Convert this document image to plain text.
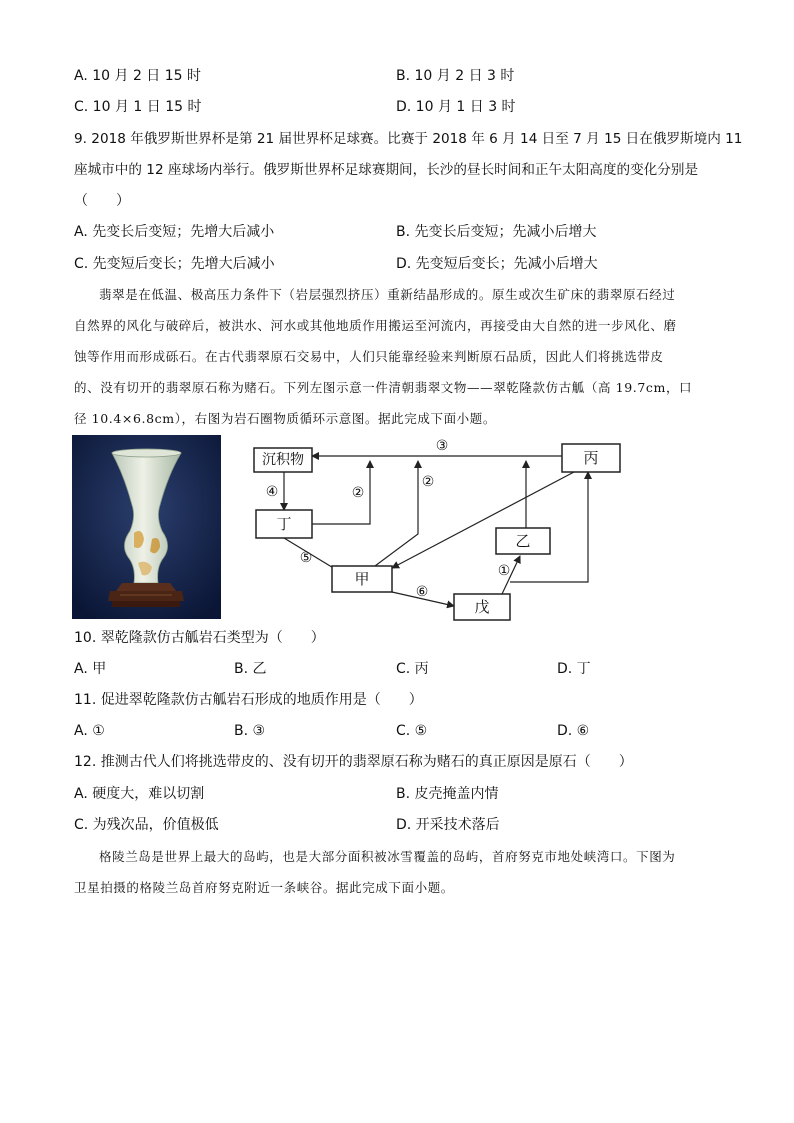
A. 10 月 2 日 15 时	B. 10 月 2 日 3 时
C. 10 月 1 日 15 时	D. 10 月 1 日 3 时
9. 2018 年俄罗斯世界杯是第 21 届世界杯足球赛。比赛于 2018 年 6 月 14 日至 7 月 15 日在俄罗斯境内 11
座城市中的 12 座球场内举行。俄罗斯世界杯足球赛期间，长沙的昼长时间和正午太阳高度的变化分别是
（　　）
A. 先变长后变短；先增大后减小	B. 先变长后变短；先减小后增大
C. 先变短后变长；先增大后减小	D. 先变短后变长；先减小后增大
翡翠是在低温、极高压力条件下（岩层强烈挤压）重新结晶形成的。原生或次生矿床的翡翠原石经过
自然界的风化与破碎后，被洪水、河水或其他地质作用搬运至河流内，再接受由大自然的进一步风化、磨
蚀等作用而形成砾石。在古代翡翠原石交易中，人们只能靠经验来判断原石品质，因此人们将挑选带皮
的、没有切开的翡翠原石称为赌石。下列左图示意一件清朝翡翠文物——翠乾隆款仿古觚（高 19.7cm，口
径 10.4×6.8cm），右图为岩石圈物质循环示意图。据此完成下面小题。
沉积物
丁
甲
戊
乙
丙
③
④	②
②
⑤
①
⑥
10. 翠乾隆款仿古觚岩石类型为（　　）
A. 甲	B. 乙	C. 丙	D. 丁
11. 促进翠乾隆款仿古觚岩石形成的地质作用是（　　）
A. ①	B. ③	C. ⑤	D. ⑥
12. 推测古代人们将挑选带皮的、没有切开的翡翠原石称为赌石的真正原因是原石（　　）
A. 硬度大，难以切割	B. 皮壳掩盖内情
C. 为残次品，价值极低	D. 开采技术落后
格陵兰岛是世界上最大的岛屿，也是大部分面积被冰雪覆盖的岛屿，首府努克市地处峡湾口。下图为
卫星拍摄的格陵兰岛首府努克附近一条峡谷。据此完成下面小题。
